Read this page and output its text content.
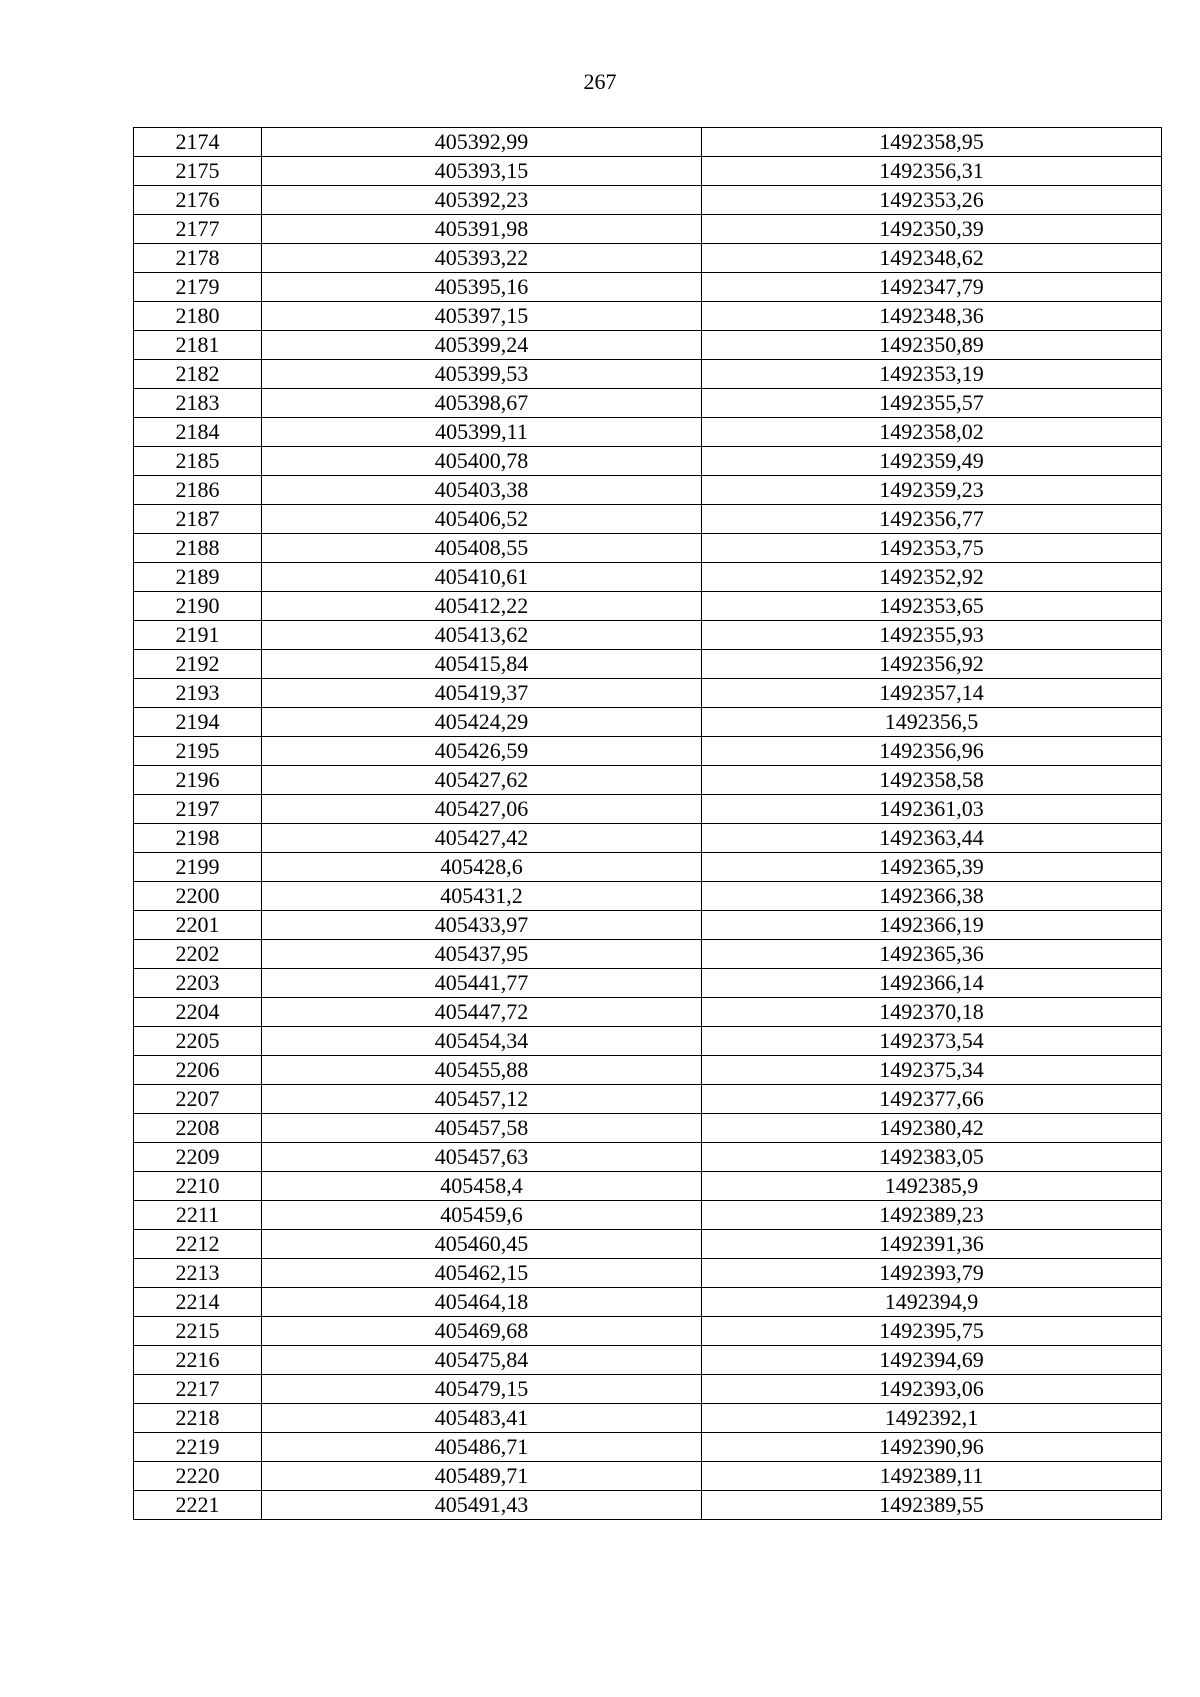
267
2174	405392,99	1492358,95
2175	405393,15	1492356,31
2176	405392,23	1492353,26
2177	405391,98	1492350,39
2178	405393,22	1492348,62
2179	405395,16	1492347,79
2180	405397,15	1492348,36
2181	405399,24	1492350,89
2182	405399,53	1492353,19
2183	405398,67	1492355,57
2184	405399,11	1492358,02
2185	405400,78	1492359,49
2186	405403,38	1492359,23
2187	405406,52	1492356,77
2188	405408,55	1492353,75
2189	405410,61	1492352,92
2190	405412,22	1492353,65
2191	405413,62	1492355,93
2192	405415,84	1492356,92
2193	405419,37	1492357,14
2194	405424,29	1492356,5
2195	405426,59	1492356,96
2196	405427,62	1492358,58
2197	405427,06	1492361,03
2198	405427,42	1492363,44
2199	405428,6	1492365,39
2200	405431,2	1492366,38
2201	405433,97	1492366,19
2202	405437,95	1492365,36
2203	405441,77	1492366,14
2204	405447,72	1492370,18
2205	405454,34	1492373,54
2206	405455,88	1492375,34
2207	405457,12	1492377,66
2208	405457,58	1492380,42
2209	405457,63	1492383,05
2210	405458,4	1492385,9
2211	405459,6	1492389,23
2212	405460,45	1492391,36
2213	405462,15	1492393,79
2214	405464,18	1492394,9
2215	405469,68	1492395,75
2216	405475,84	1492394,69
2217	405479,15	1492393,06
2218	405483,41	1492392,1
2219	405486,71	1492390,96
2220	405489,71	1492389,11
2221	405491,43	1492389,55
